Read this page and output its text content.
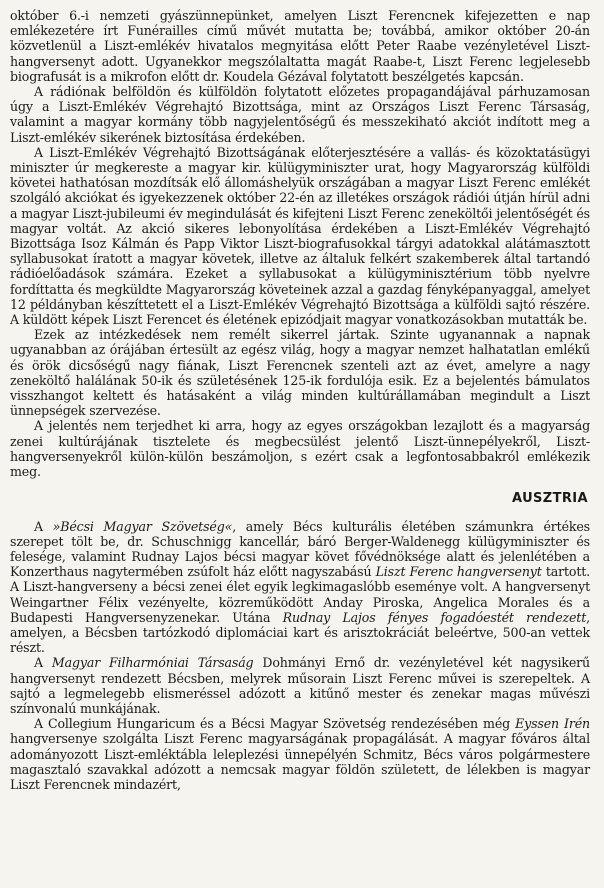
október 6.-i nemzeti gyászünnepünket, amelyen Liszt Ferencnek kifejezetten e nap emlékezetére írt Funérailles című művét mutatta be; továbbá, amikor október 20-án közvetlenül a Liszt-emlékév hivatalos megnyitása előtt Peter Raabe vezényletével Liszt-hangversenyt adott. Ugyanekkor megszólaltatta magát Raabe-t, Liszt Ferenc legjelesebb biografusát is a mikrofon előtt dr. Koudela Gézával folytatott beszélgetés kapcsán.

A rádiónak belföldön és külföldön folytatott előzetes propagandájával párhuzamosan úgy a Liszt-Emlékév Végrehajtó Bizottsága, mint az Országos Liszt Ferenc Társaság, valamint a magyar kormány több nagyjelentőségű és messzekiható akciót indított meg a Liszt-emlékév sikerének biztosítása érdekében.

A Liszt-Emlékév Végrehajtó Bizottságának előterjesztésére a vallás- és közoktatásügyi miniszter úr megkereste a magyar kir. külügyminiszter urat, hogy Magyarország külföldi követei hathatósan mozdítsák elő állomáshelyük országában a magyar Liszt Ferenc emlékét szolgáló akciókat és igyekezzenek október 22-én az illetékes országok rádiói útján hírül adni a magyar Liszt-jubileumi év megindulását és kifejteni Liszt Ferenc zeneköltői jelentőségét és magyar voltát. Az akció sikeres lebonyolítása érdekében a Liszt-Emlékév Végrehajtó Bizottsága Isoz Kálmán és Papp Viktor Liszt-biografusokkal tárgyi adatokkal alátámasztott syllabusokat íratott a magyar követek, illetve az általuk felkért szakemberek által tartandó rádióelőadások számára. Ezeket a syllabusokat a külügyminisztérium több nyelvre fordíttatta és megküldte Magyarország követeinek azzal a gazdag fényképanyaggal, amelyet 12 példányban készíttetett el a Liszt-Emlékév Végrehajtó Bizottsága a külföldi sajtó részére. A küldött képek Liszt Ferencet és életének epizódjait magyar vonatkozásokban mutatták be.

Ezek az intézkedések nem remélt sikerrel jártak. Szinte ugyanannak a napnak ugyanabban az órájában értesült az egész világ, hogy a magyar nemzet halhatatlan emlékű és örök dicsőségű nagy fiának, Liszt Ferencnek szenteli azt az évet, amelyre a nagy zeneköltő halálának 50-ik és születésének 125-ik fordulója esik. Ez a bejelentés bámulatos visszhangot keltett és hatásaként a világ minden kultúrállamában megindult a Liszt ünnepségek szervezése.

A jelentés nem terjedhet ki arra, hogy az egyes országokban lezajlott és a magyarság zenei kultúrájának tisztelete és megbecsülést jelentő Liszt-ünnepélyekről, Liszt-hangversenyekről külön-külön beszámoljon, s ezért csak a legfontosabbakról emlékezik meg.

AUSZTRIA

A »Bécsi Magyar Szövetség«, amely Bécs kulturális életében számunkra értékes szerepet tölt be, dr. Schuschnigg kancellár, báró Berger-Waldenegg külügyminiszter és felesége, valamint Rudnay Lajos bécsi magyar követ fővédnöksége alatt és jelenlétében a Konzerthaus nagytermében zsúfolt ház előtt nagyszabású Liszt Ferenc hangversenyt tartott. A Liszt-hangverseny a bécsi zenei élet egyik legkimagaslóbb eseménye volt. A hangversenyt Weingartner Félix vezényelte, közreműködött Anday Piroska, Angelica Morales és a Budapesti Hangversenyzenekar. Utána Rudnay Lajos fényes fogadóestét rendezett, amelyen, a Bécsben tartózkodó diplomáciai kart és arisztokráciát beleértve, 500-an vettek részt.

A Magyar Filharmóniai Társaság Dohmányi Ernő dr. vezényletével két nagysikerű hangversenyt rendezett Bécsben, melyrek műsorain Liszt Ferenc művei is szerepeltek. A sajtó a legmelegebb elismeréssel adózott a kitűnő mester és zenekar magas művészi színvonalú munkájának.

A Collegium Hungaricum és a Bécsi Magyar Szövetség rendezésében még Eyssen Irén hangversenye szolgálta Liszt Ferenc magyarságának propagálását. A magyar főváros által adományozott Liszt-emléktábla leleplezési ünnepélyén Schmitz, Bécs város polgármestere magasztaló szavakkal adózott a nemcsak magyar földön született, de lélekben is magyar Liszt Ferencnek mindazért,
